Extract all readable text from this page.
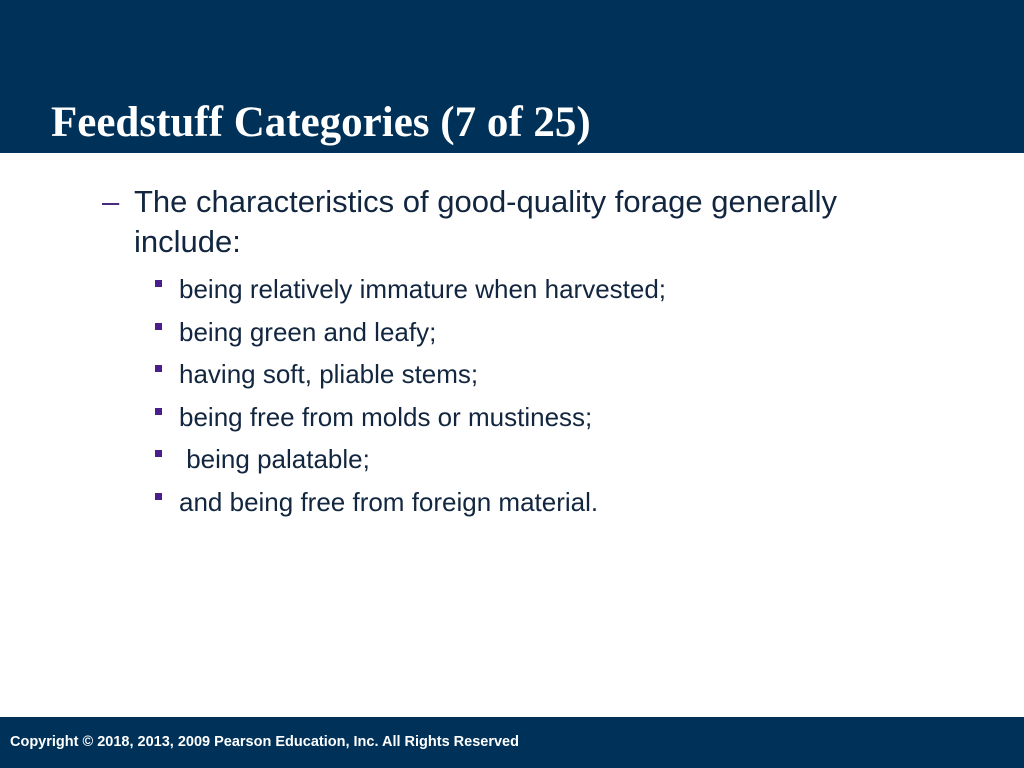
Feedstuff Categories (7 of 25)
– The characteristics of good-quality forage generally include:

being relatively immature when harvested;

being green and leafy;

having soft, pliable stems;

being free from molds or mustiness;

being palatable;

and being free from foreign material.

Copyright © 2018, 2013, 2009 Pearson Education, Inc. All Rights Reserved
